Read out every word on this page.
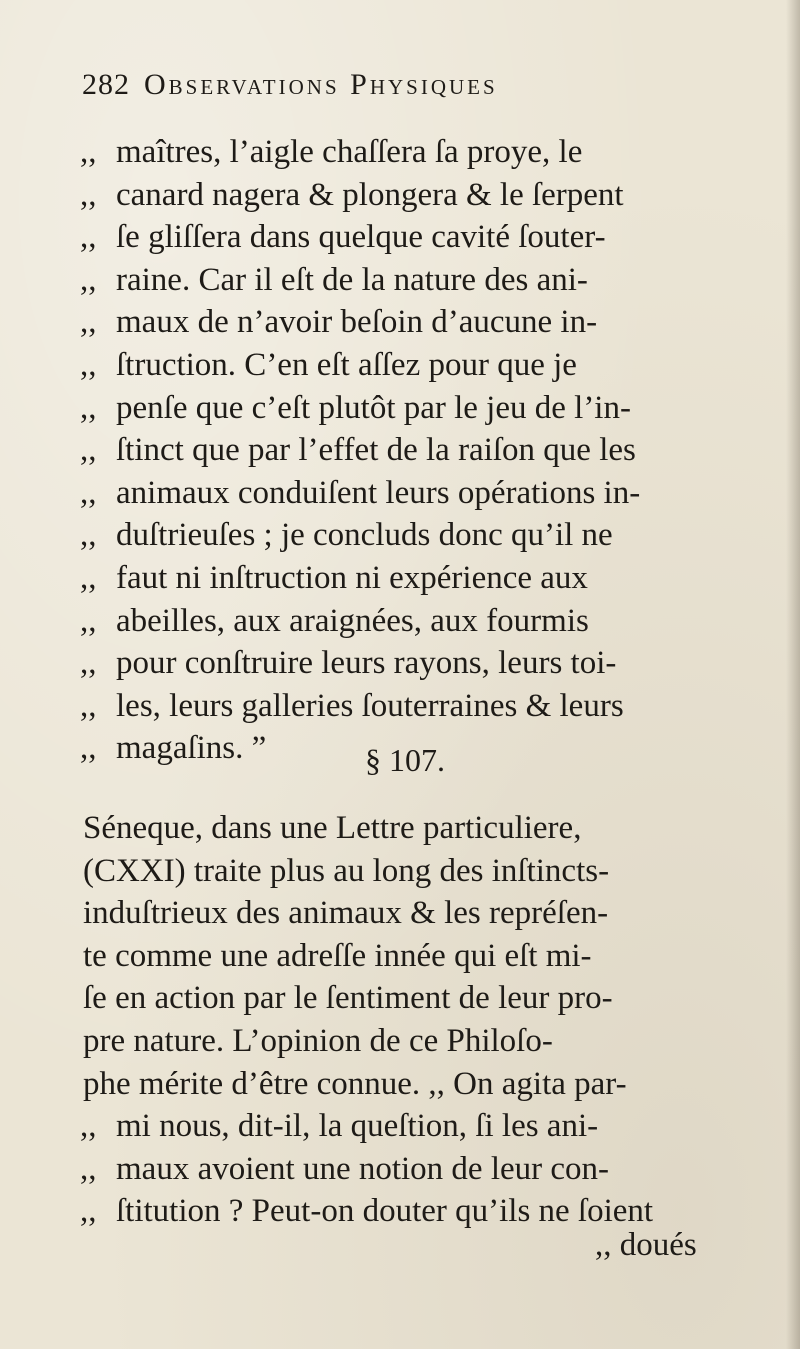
282 Observations Physiques
,, maîtres, l’aigle chaſſera ſa proye, le
,, canard nagera & plongera & le ſerpent
,, ſe gliſſera dans quelque cavité ſouter-
,, raine. Car il eſt de la nature des ani-
,, maux de n’avoir beſoin d’aucune in-
,, ſtruction. C’en eſt aſſez pour que je
,, penſe que c’eſt plutôt par le jeu de l’in-
,, ſtinct que par l’effet de la raiſon que les
,, animaux conduiſent leurs opérations in-
,, duſtrieuſes ; je concluds donc qu’il ne
,, faut ni inſtruction ni expérience aux
,, abeilles, aux araignées, aux fourmis
,, pour conſtruire leurs rayons, leurs toi-
,, les, leurs galleries ſouterraines & leurs
,, magaſins. ”	§ 107.
Séneque, dans une Lettre particuliere,
(CXXI) traite plus au long des inſtincts-
induſtrieux des animaux & les repréſen-
te comme une adreſſe innée qui eſt mi-
ſe en action par le ſentiment de leur pro-
pre nature. L’opinion de ce Philoſo-
phe mérite d’être connue. ,, On agita par-
,, mi nous, dit-il, la queſtion, ſi les ani-
,, maux avoient une notion de leur con-
,, ſtitution ? Peut-on douter qu’ils ne ſoient
,, doués
